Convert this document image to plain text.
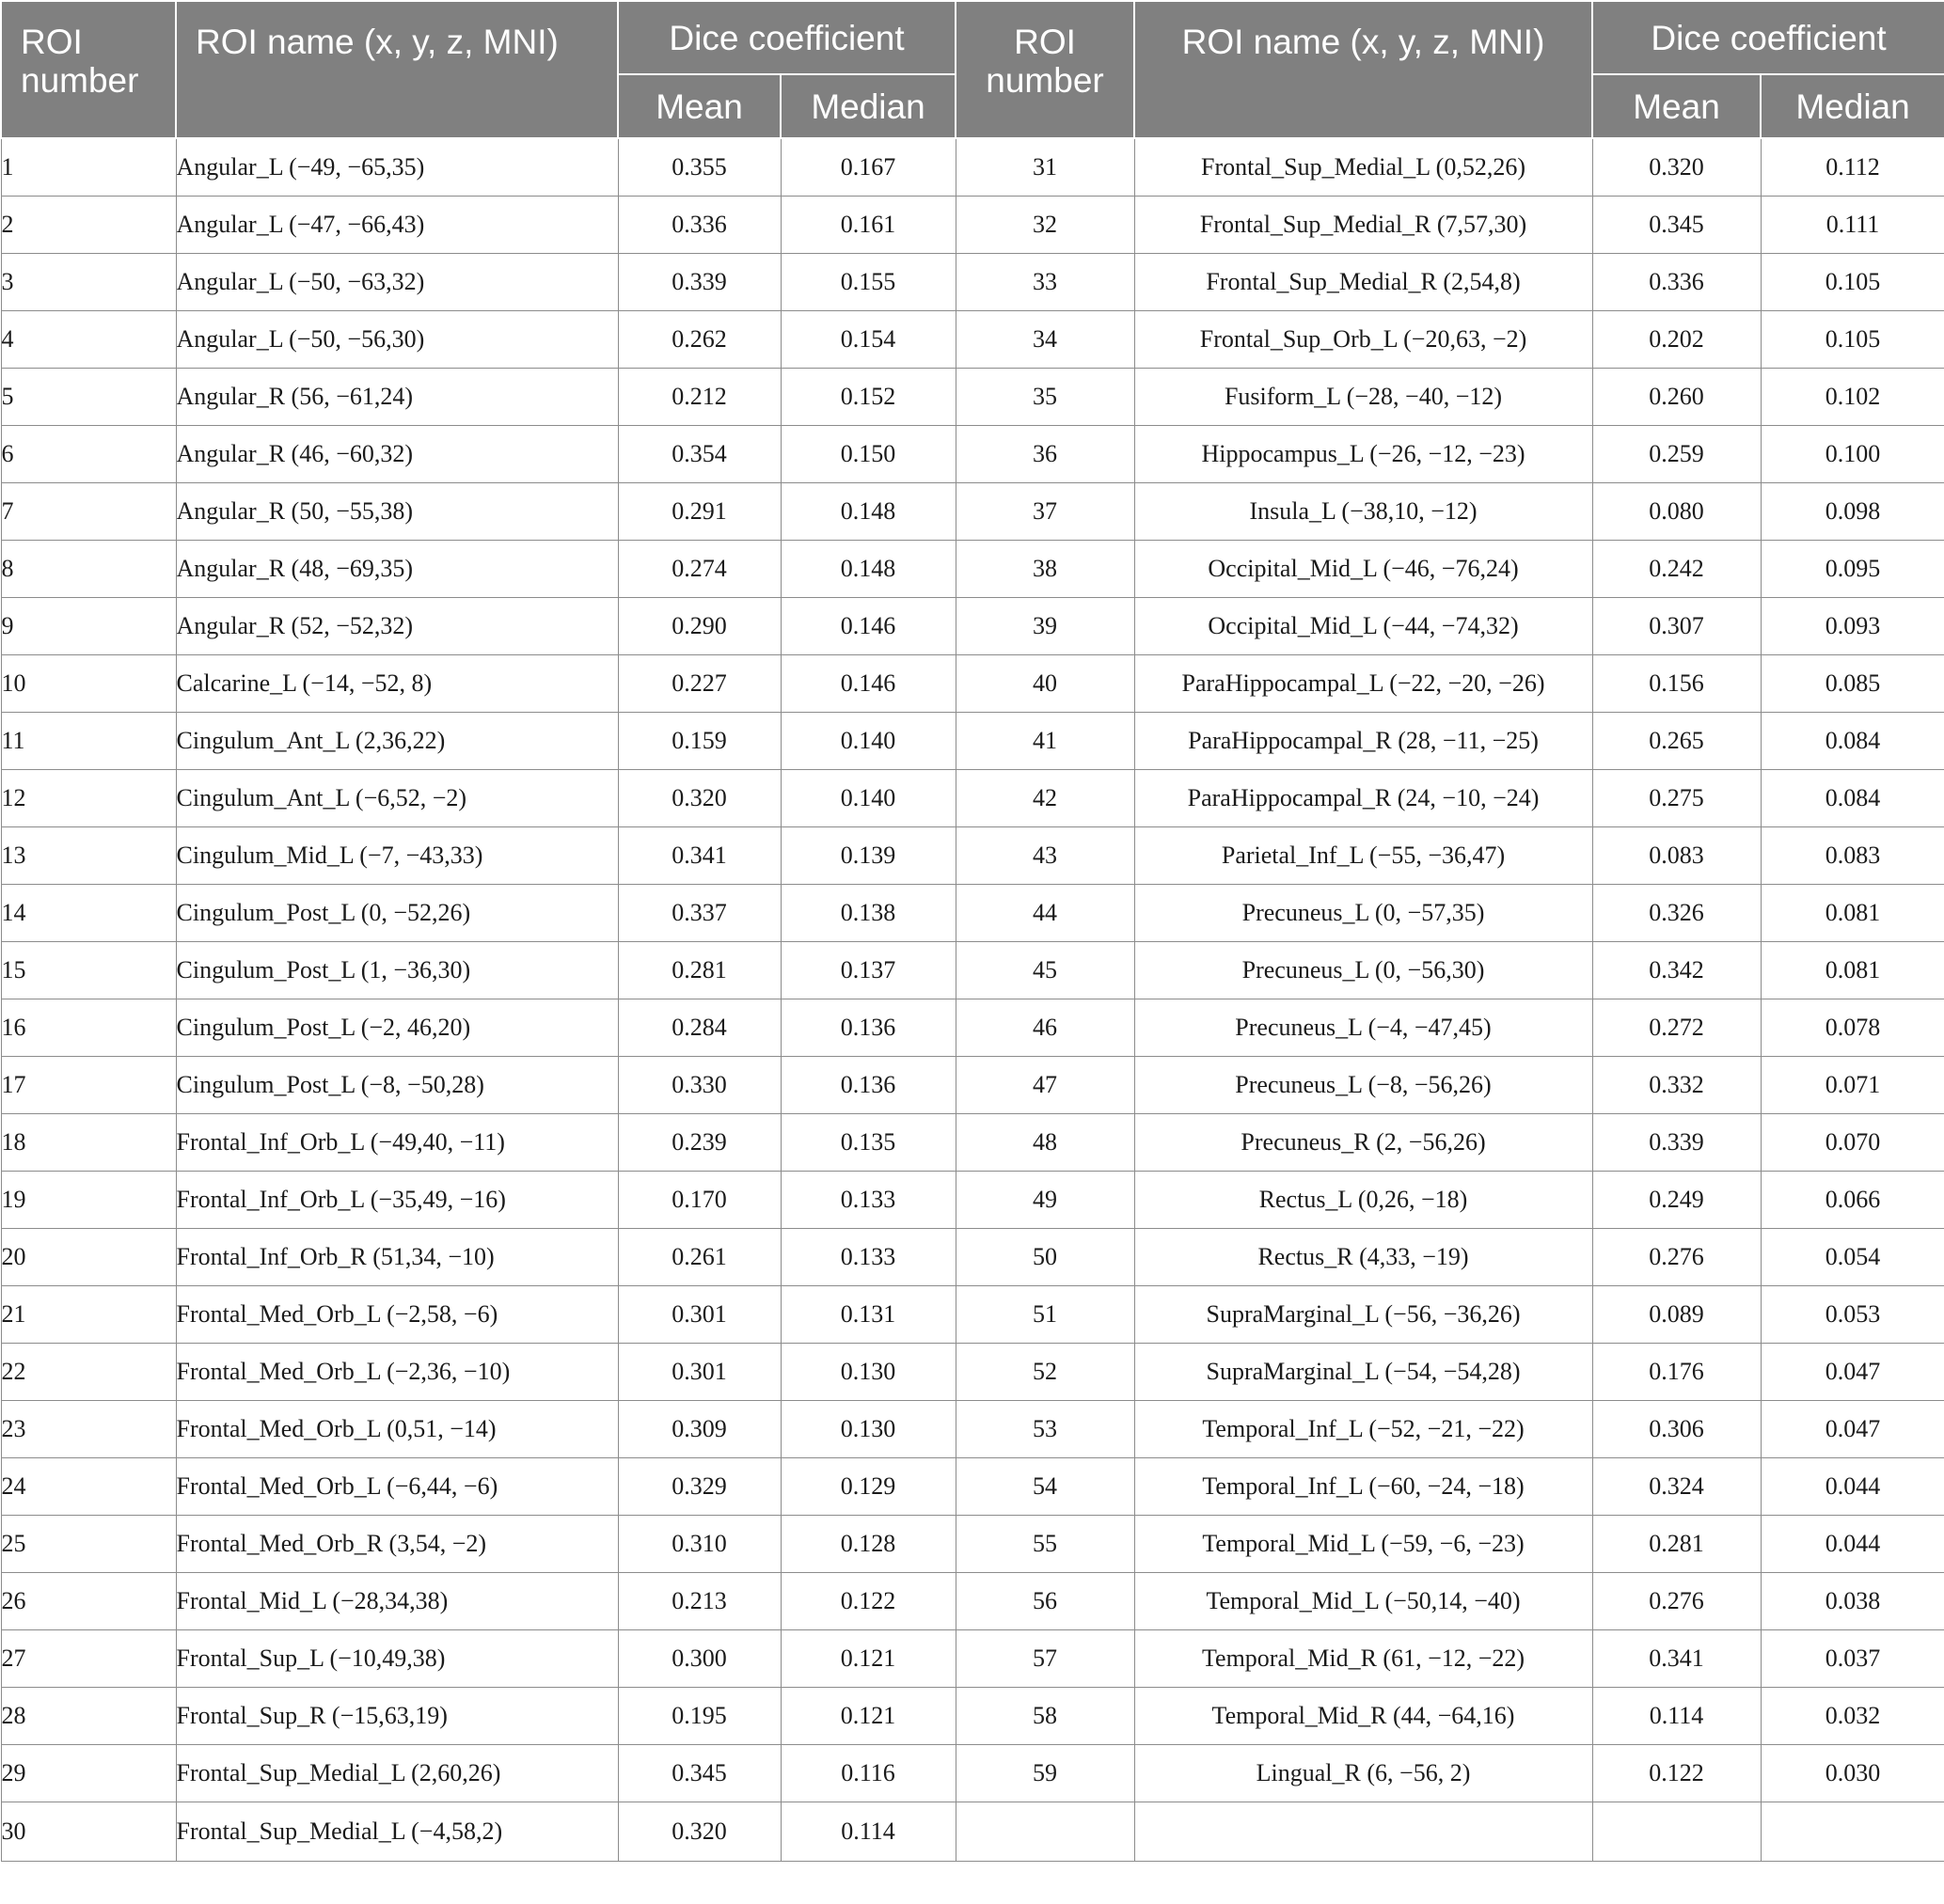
ROI number	ROI name (x, y, z, MNI)	Dice coefficient		ROI number	ROI name (x, y, z, MNI)	Dice coefficient	
		Mean	Median			Mean	Median
1	Angular_L (−49, −65,35)	0.355	0.167	31	Frontal_Sup_Medial_L (0,52,26)	0.320	0.112
2	Angular_L (−47, −66,43)	0.336	0.161	32	Frontal_Sup_Medial_R (7,57,30)	0.345	0.111
3	Angular_L (−50, −63,32)	0.339	0.155	33	Frontal_Sup_Medial_R (2,54,8)	0.336	0.105
4	Angular_L (−50, −56,30)	0.262	0.154	34	Frontal_Sup_Orb_L (−20,63, −2)	0.202	0.105
5	Angular_R (56, −61,24)	0.212	0.152	35	Fusiform_L (−28, −40, −12)	0.260	0.102
6	Angular_R (46, −60,32)	0.354	0.150	36	Hippocampus_L (−26, −12, −23)	0.259	0.100
7	Angular_R (50, −55,38)	0.291	0.148	37	Insula_L (−38,10, −12)	0.080	0.098
8	Angular_R (48, −69,35)	0.274	0.148	38	Occipital_Mid_L (−46, −76,24)	0.242	0.095
9	Angular_R (52, −52,32)	0.290	0.146	39	Occipital_Mid_L (−44, −74,32)	0.307	0.093
10	Calcarine_L (−14, −52, 8)	0.227	0.146	40	ParaHippocampal_L (−22, −20, −26)	0.156	0.085
11	Cingulum_Ant_L (2,36,22)	0.159	0.140	41	ParaHippocampal_R (28, −11, −25)	0.265	0.084
12	Cingulum_Ant_L (−6,52, −2)	0.320	0.140	42	ParaHippocampal_R (24, −10, −24)	0.275	0.084
13	Cingulum_Mid_L (−7, −43,33)	0.341	0.139	43	Parietal_Inf_L (−55, −36,47)	0.083	0.083
14	Cingulum_Post_L (0, −52,26)	0.337	0.138	44	Precuneus_L (0, −57,35)	0.326	0.081
15	Cingulum_Post_L (1, −36,30)	0.281	0.137	45	Precuneus_L (0, −56,30)	0.342	0.081
16	Cingulum_Post_L (−2, 46,20)	0.284	0.136	46	Precuneus_L (−4, −47,45)	0.272	0.078
17	Cingulum_Post_L (−8, −50,28)	0.330	0.136	47	Precuneus_L (−8, −56,26)	0.332	0.071
18	Frontal_Inf_Orb_L (−49,40, −11)	0.239	0.135	48	Precuneus_R (2, −56,26)	0.339	0.070
19	Frontal_Inf_Orb_L (−35,49, −16)	0.170	0.133	49	Rectus_L (0,26, −18)	0.249	0.066
20	Frontal_Inf_Orb_R (51,34, −10)	0.261	0.133	50	Rectus_R (4,33, −19)	0.276	0.054
21	Frontal_Med_Orb_L (−2,58, −6)	0.301	0.131	51	SupraMarginal_L (−56, −36,26)	0.089	0.053
22	Frontal_Med_Orb_L (−2,36, −10)	0.301	0.130	52	SupraMarginal_L (−54, −54,28)	0.176	0.047
23	Frontal_Med_Orb_L (0,51, −14)	0.309	0.130	53	Temporal_Inf_L (−52, −21, −22)	0.306	0.047
24	Frontal_Med_Orb_L (−6,44, −6)	0.329	0.129	54	Temporal_Inf_L (−60, −24, −18)	0.324	0.044
25	Frontal_Med_Orb_R (3,54, −2)	0.310	0.128	55	Temporal_Mid_L (−59, −6, −23)	0.281	0.044
26	Frontal_Mid_L (−28,34,38)	0.213	0.122	56	Temporal_Mid_L (−50,14, −40)	0.276	0.038
27	Frontal_Sup_L (−10,49,38)	0.300	0.121	57	Temporal_Mid_R (61, −12, −22)	0.341	0.037
28	Frontal_Sup_R (−15,63,19)	0.195	0.121	58	Temporal_Mid_R (44, −64,16)	0.114	0.032
29	Frontal_Sup_Medial_L (2,60,26)	0.345	0.116	59	Lingual_R (6, −56, 2)	0.122	0.030
30	Frontal_Sup_Medial_L (−4,58,2)	0.320	0.114				
